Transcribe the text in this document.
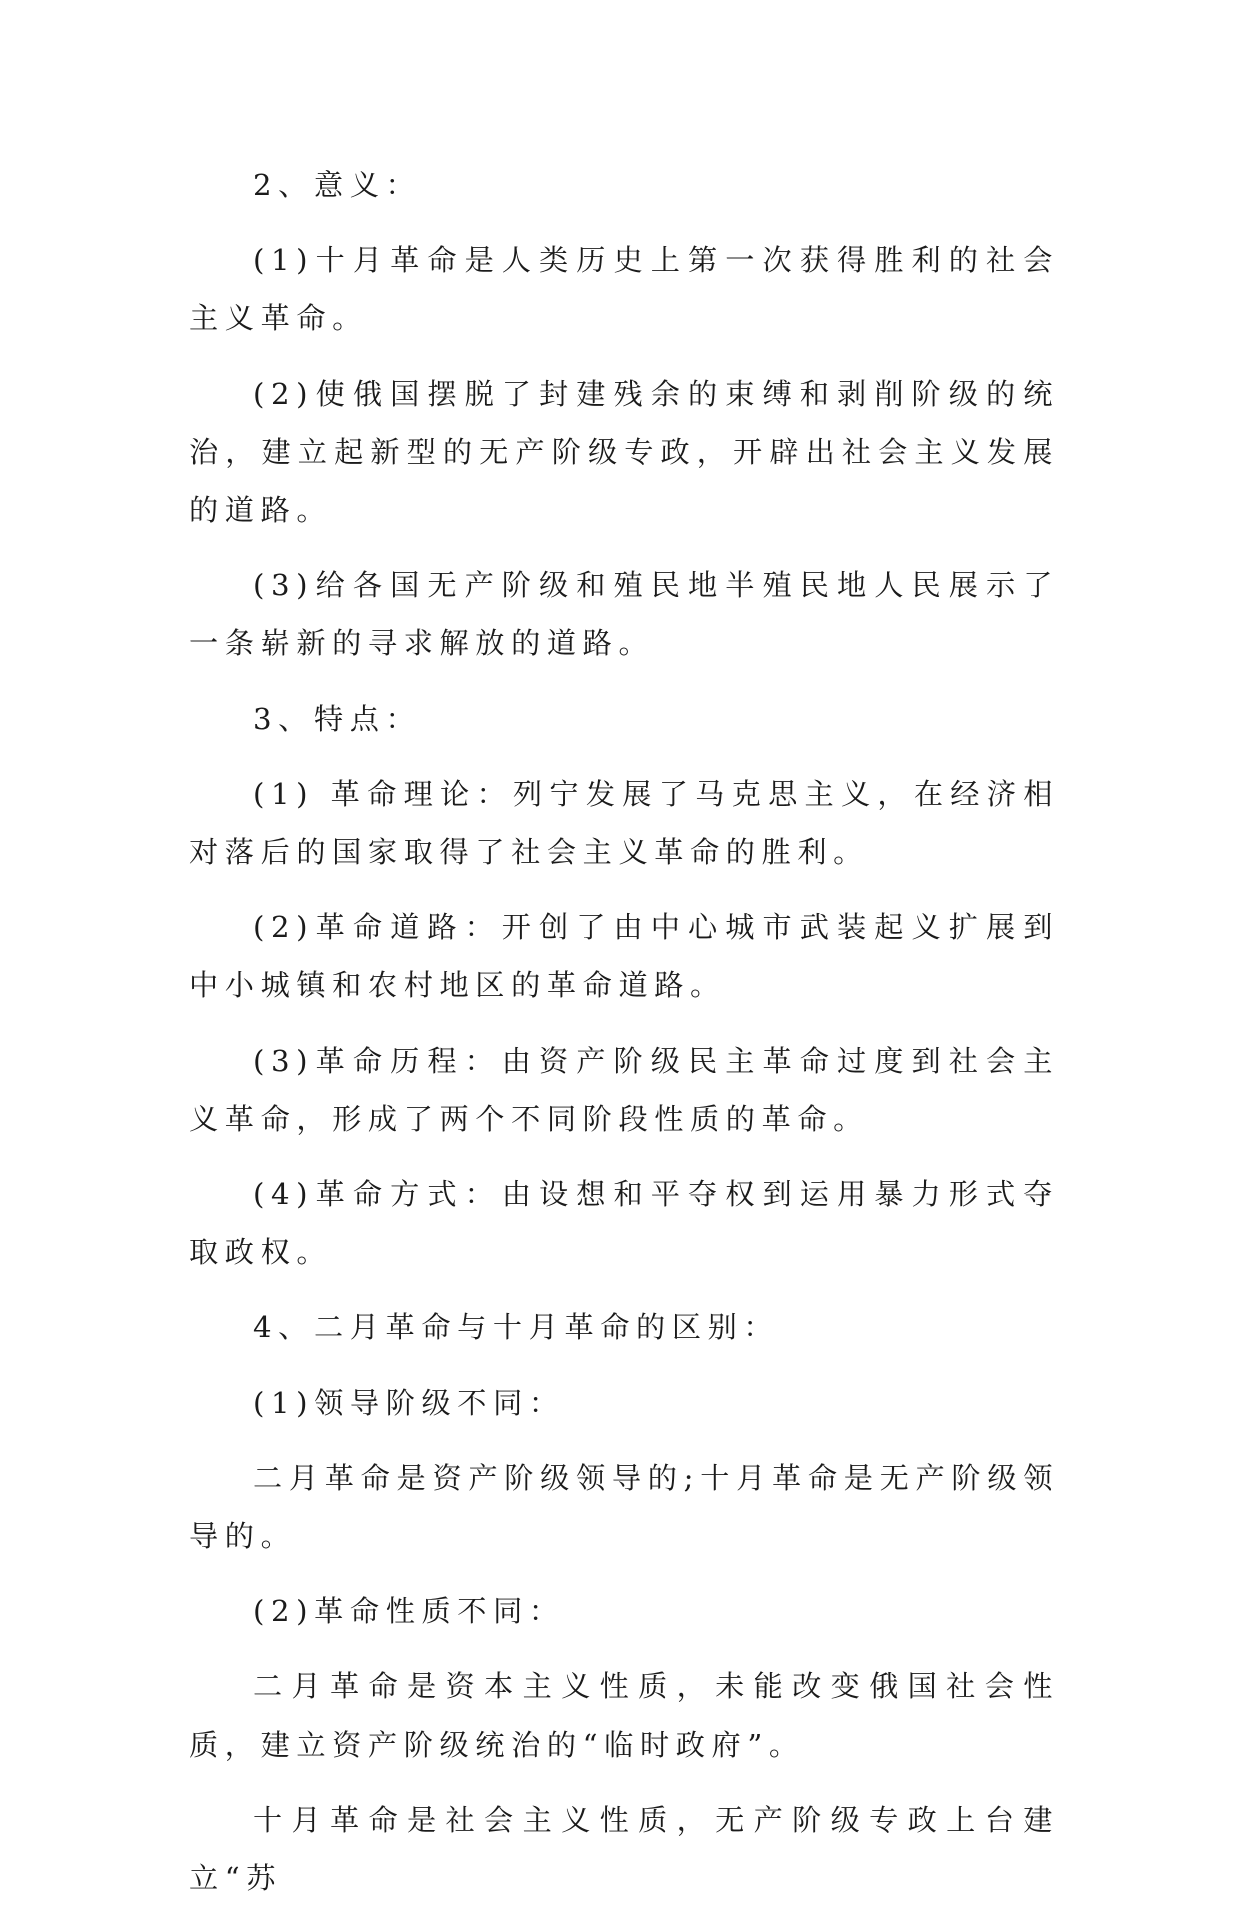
2、意义：

(1)十月革命是人类历史上第一次获得胜利的社会主义革命。

(2)使俄国摆脱了封建残余的束缚和剥削阶级的统治，建立起新型的无产阶级专政，开辟出社会主义发展的道路。

(3)给各国无产阶级和殖民地半殖民地人民展示了一条崭新的寻求解放的道路。

3、特点：

(1) 革命理论：列宁发展了马克思主义，在经济相对落后的国家取得了社会主义革命的胜利。

(2)革命道路：开创了由中心城市武装起义扩展到中小城镇和农村地区的革命道路。

(3)革命历程：由资产阶级民主革命过度到社会主义革命，形成了两个不同阶段性质的革命。

(4)革命方式：由设想和平夺权到运用暴力形式夺取政权。

4、二月革命与十月革命的区别：

(1)领导阶级不同：

二月革命是资产阶级领导的;十月革命是无产阶级领导的。

(2)革命性质不同：

二月革命是资本主义性质，未能改变俄国社会性质，建立资产阶级统治的“临时政府”。

十月革命是社会主义性质，无产阶级专政上台建立“苏
